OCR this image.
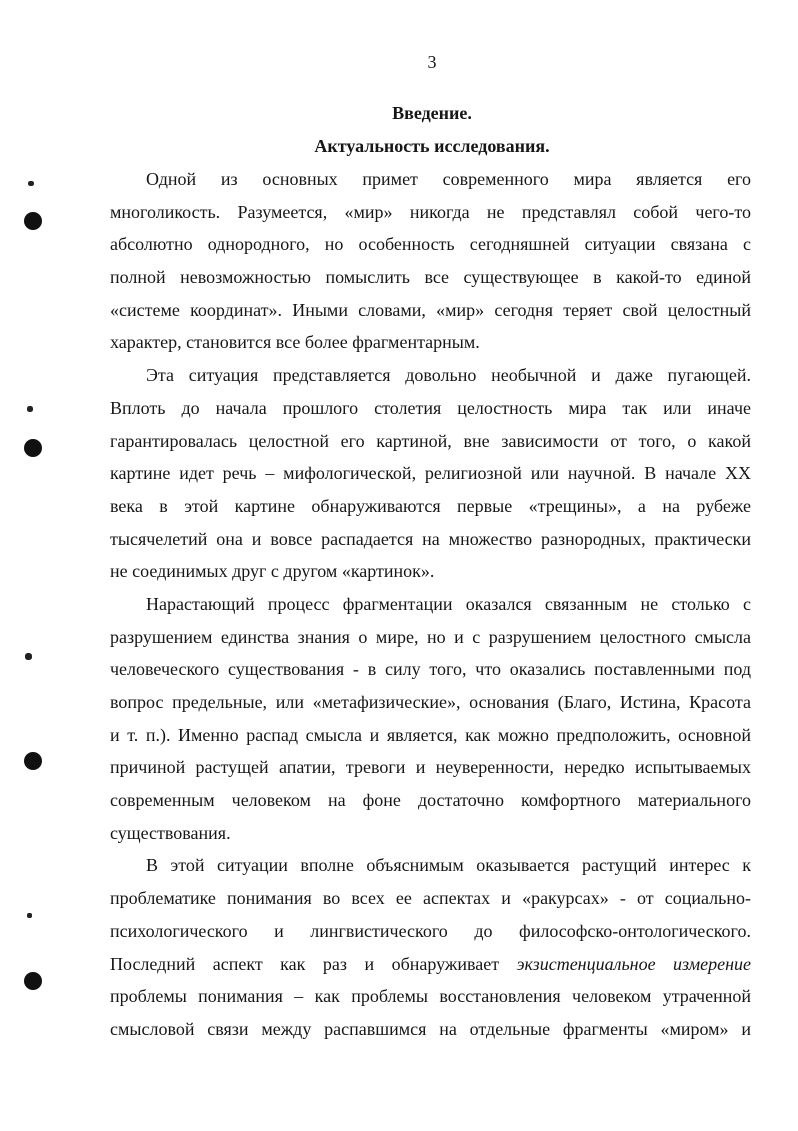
3
Введение.
Актуальность исследования.

Одной из основных примет современного мира является его
многоликость. Разумеется, «мир» никогда не представлял собой чего-то
абсолютно однородного, но особенность сегодняшней ситуации связана с
полной невозможностью помыслить все существующее в какой-то единой
«системе координат». Иными словами, «мир» сегодня теряет свой целостный
характер, становится все более фрагментарным.

Эта ситуация представляется довольно необычной и даже пугающей.
Вплоть до начала прошлого столетия целостность мира так или иначе
гарантировалась целостной его картиной, вне зависимости от того, о какой
картине идет речь – мифологической, религиозной или научной. В начале XX
века в этой картине обнаруживаются первые «трещины», а на рубеже
тысячелетий она и вовсе распадается на множество разнородных, практически
не соединимых друг с другом «картинок».

Нарастающий процесс фрагментации оказался связанным не столько с
разрушением единства знания о мире, но и с разрушением целостного смысла
человеческого существования - в силу того, что оказались поставленными под
вопрос предельные, или «метафизические», основания (Благо, Истина, Красота
и т. п.). Именно распад смысла и является, как можно предположить, основной
причиной растущей апатии, тревоги и неуверенности, нередко испытываемых
современным человеком на фоне достаточно комфортного материального
существования.

В этой ситуации вполне объяснимым оказывается растущий интерес к
проблематике понимания во всех ее аспектах и «ракурсах» - от социально-
психологического и лингвистического до философско-онтологического.
Последний аспект как раз и обнаруживает экзистенциальное измерение
проблемы понимания – как проблемы восстановления человеком утраченной
смысловой связи между распавшимся на отдельные фрагменты «миром» и
